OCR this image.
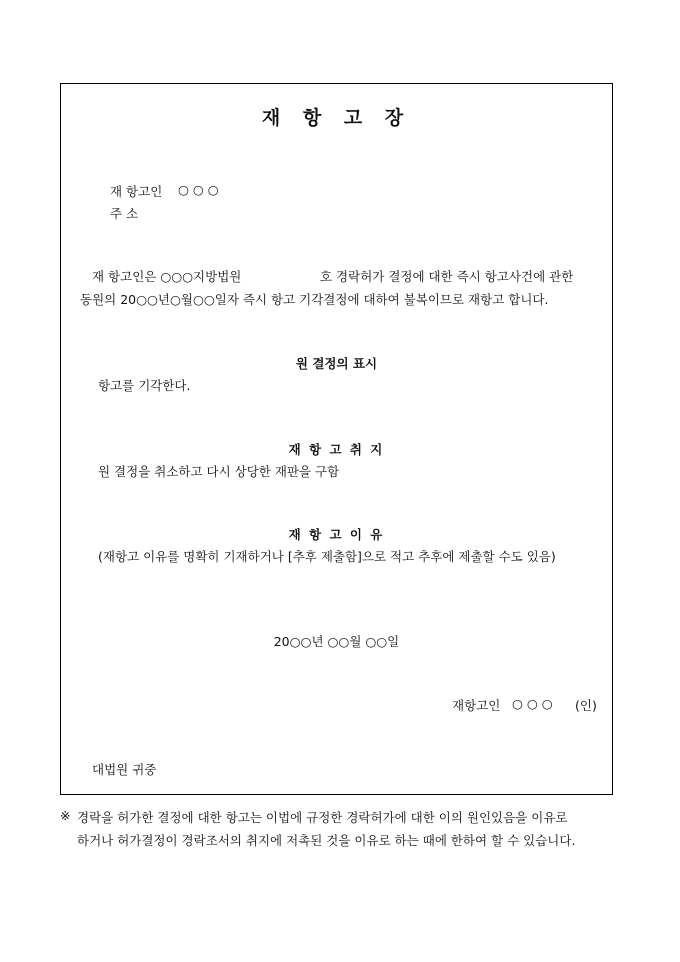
재 항 고 장
재 항고인 ○ ○ ○
주 소
재 항고인은 ○○○지방법원	호 경락허가 결정에 대한 즉시 항고사건에 관한
동원의 20○○년○월○○일자 즉시 항고 기각결정에 대하여 불복이므로 재항고 합니다.
원 결정의 표시
항고를 기각한다.
재 항 고 취 지
원 결정을 취소하고 다시 상당한 재판을 구함
재 항 고 이 유
(재항고 이유를 명확히 기재하거나 [추후 제출함]으로 적고 추후에 제출할 수도 있음)
20○○년 ○○월 ○○일
재항고인 ○ ○ ○ (인)
대법원 귀중
※ 경락을 허가한 결정에 대한 항고는 이법에 규정한 경락허가에 대한 이의 원인있음을 이유로
하거나 허가결정이 경락조서의 취지에 저촉된 것을 이유로 하는 때에 한하여 할 수 있습니다.
